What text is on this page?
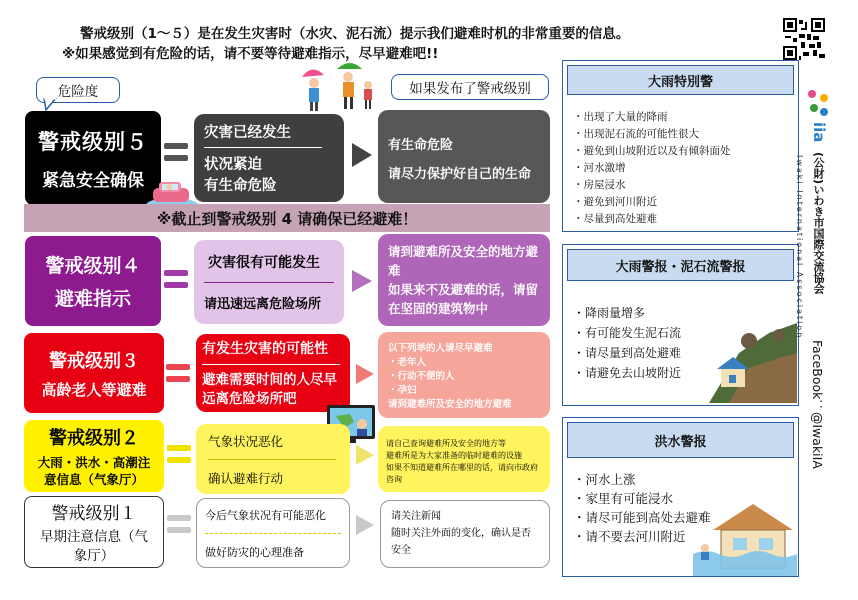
警戒级别（1～５）是在发生灾害时（水灾、泥石流）提示我们避难时机的非常重要的信息。
※如果感觉到有危险的话，请不要等待避难指示，尽早避难吧!!
危险度	如果发布了警戒级别
警戒级别５
紧急安全确保
灾害已经发生
状况紧迫
有生命危险
有生命危险
请尽力保护好自己的生命
※截止到警戒级别 4 请确保已经避难！
警戒级别４
避难指示
灾害很有可能发生
请迅速远离危险场所
请到避难所及安全的地方避难
如果来不及避难的话，请留在坚固的建筑物中
警戒级别３
高龄老人等避难
有发生灾害的可能性
避难需要时间的人尽早远离危险场所吧
以下列举的人请尽早避难
・老年人
・行动不便的人
・孕妇
请到避难所及安全的地方避难
警戒级别２
大雨・洪水・高潮注意信息（气象厅）
气象状况恶化
确认避难行动
请自己查询避难所及安全的地方等
避难所是为大家准备的临时避难的设施
如果不知道避难所在哪里的话，请向市政府咨询
警戒级别１
早期注意信息（气象厅）
今后气象状况有可能恶化
做好防灾的心理准备
请关注新闻
随时关注外面的变化，确认是否安全
大雨特別警
・ 出现了大量的降雨
・ 出现泥石流的可能性很大
・ 避免到山坡附近以及有倾斜面处
・ 河水激增
・ 房屋浸水
・ 避免到河川附近
・ 尽量到高处避难
大雨警报・泥石流警报
・ 降雨量增多
・ 有可能发生泥石流
・ 请尽量到高处避难
・ 请避免去山坡附近
洪水警报
・ 河水上涨
・ 家里有可能浸水
・ 请尽可能到高处去避难
・ 请不要去河川附近
iia
(公財)いわき市国際交流協会
Iwaki International Association
FaceBook：@IwakiIA
